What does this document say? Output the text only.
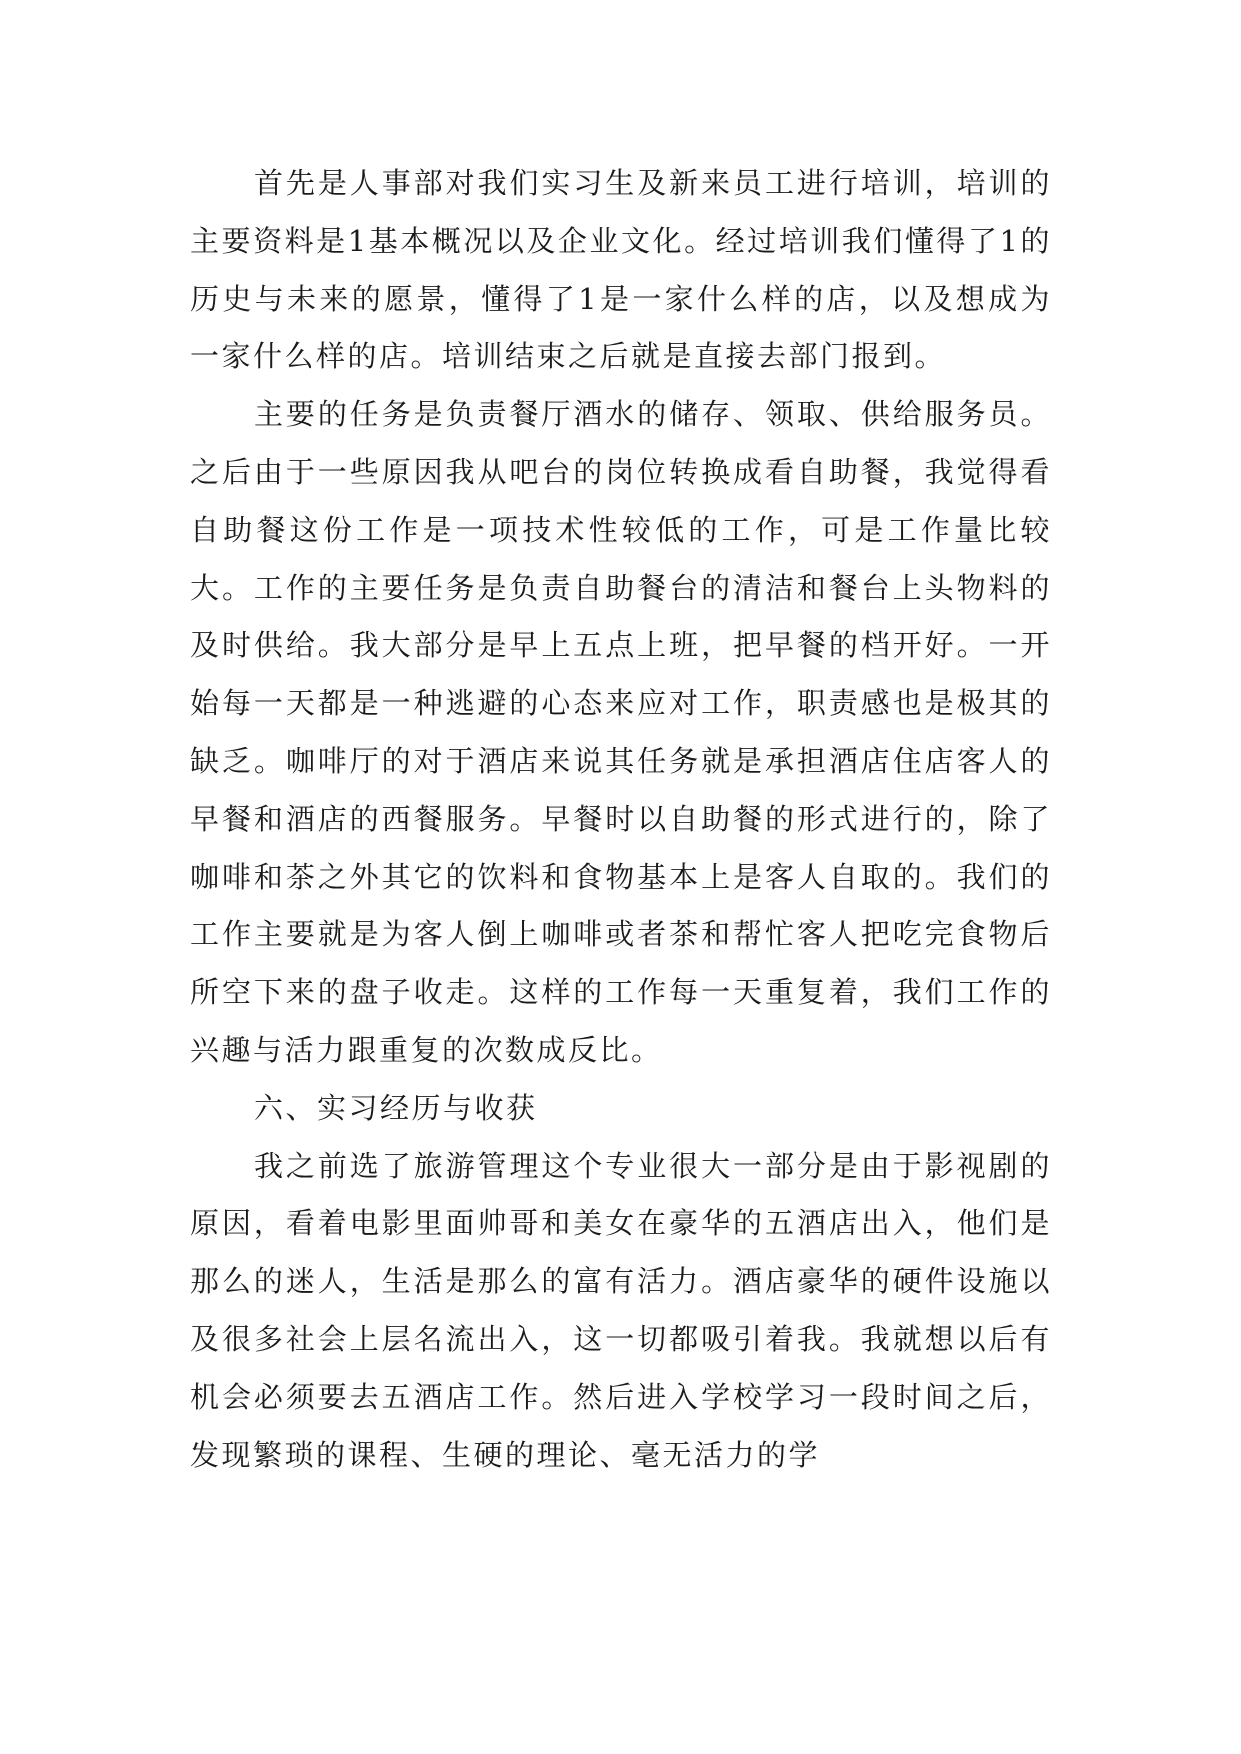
首先是人事部对我们实习生及新来员工进行培训，培训的主要资料是1基本概况以及企业文化。经过培训我们懂得了1的历史与未来的愿景，懂得了1是一家什么样的店，以及想成为一家什么样的店。培训结束之后就是直接去部门报到。

主要的任务是负责餐厅酒水的储存、领取、供给服务员。之后由于一些原因我从吧台的岗位转换成看自助餐，我觉得看自助餐这份工作是一项技术性较低的工作，可是工作量比较大。工作的主要任务是负责自助餐台的清洁和餐台上头物料的及时供给。我大部分是早上五点上班，把早餐的档开好。一开始每一天都是一种逃避的心态来应对工作，职责感也是极其的缺乏。咖啡厅的对于酒店来说其任务就是承担酒店住店客人的早餐和酒店的西餐服务。早餐时以自助餐的形式进行的，除了咖啡和茶之外其它的饮料和食物基本上是客人自取的。我们的工作主要就是为客人倒上咖啡或者茶和帮忙客人把吃完食物后所空下来的盘子收走。这样的工作每一天重复着，我们工作的兴趣与活力跟重复的次数成反比。

六、实习经历与收获

我之前选了旅游管理这个专业很大一部分是由于影视剧的原因，看着电影里面帅哥和美女在豪华的五酒店出入，他们是那么的迷人，生活是那么的富有活力。酒店豪华的硬件设施以及很多社会上层名流出入，这一切都吸引着我。我就想以后有机会必须要去五酒店工作。然后进入学校学习一段时间之后，发现繁琐的课程、生硬的理论、毫无活力的学
